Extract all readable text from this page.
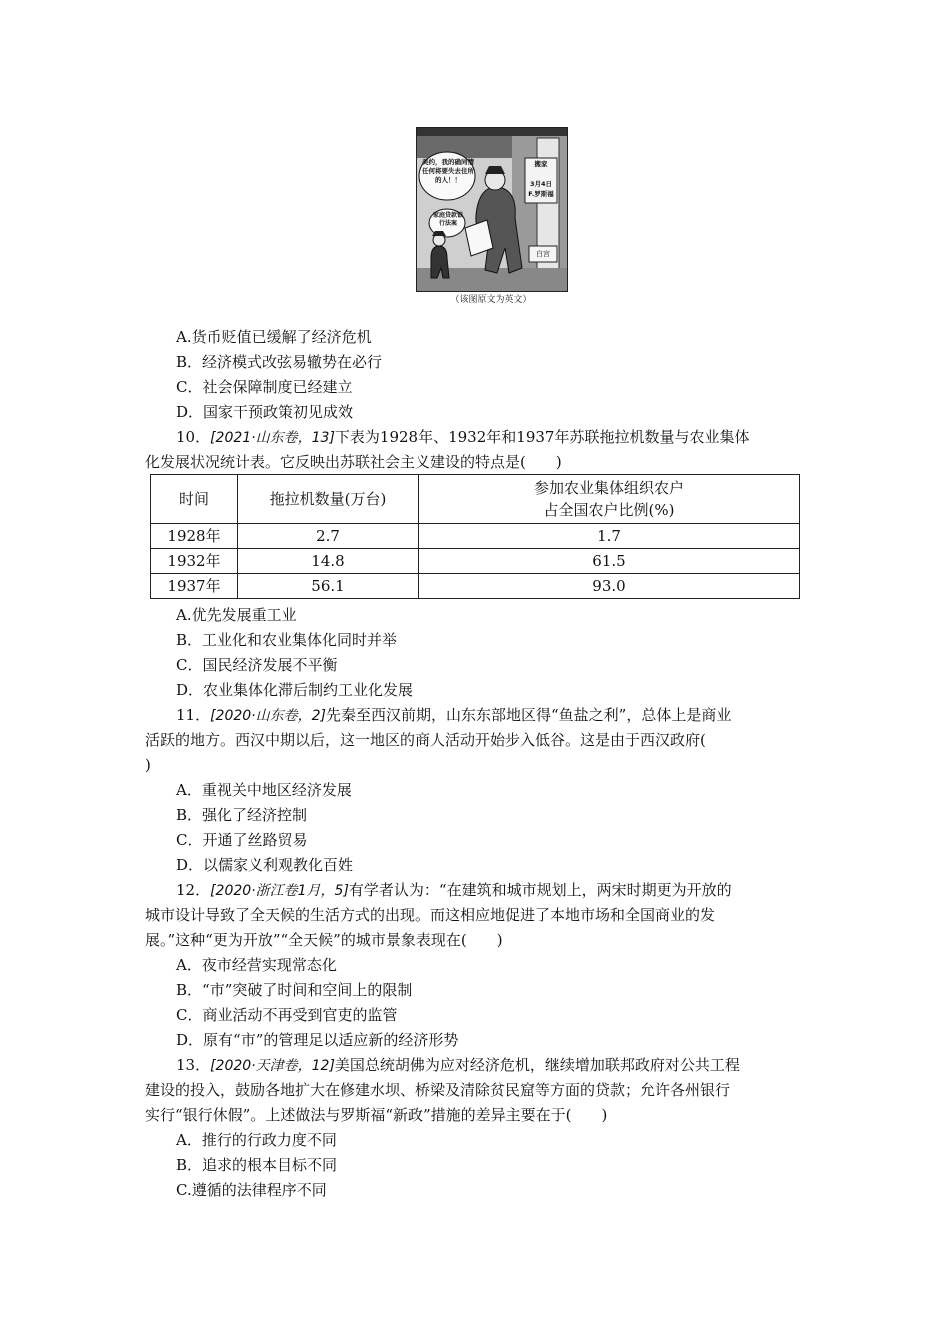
美约，我的确同情任何将要失去住所的人！！
家庭贷款银行法案
搬家
3月4日
F.罗斯福
白宫
（该图原文为英文）
A.货币贬值已缓解了经济危机
B．经济模式改弦易辙势在必行
C．社会保障制度已经建立
D．国家干预政策初见成效
10．[2021·山东卷，13]下表为1928年、1932年和1937年苏联拖拉机数量与农业集体
化发展状况统计表。它反映出苏联社会主义建设的特点是(　　)
时间	拖拉机数量(万台)	参加农业集体组织农户
占全国农户比例(%)
1928年	2.7	1.7
1932年	14.8	61.5
1937年	56.1	93.0
A.优先发展重工业
B．工业化和农业集体化同时并举
C．国民经济发展不平衡
D．农业集体化滞后制约工业化发展
11．[2020·山东卷，2]先秦至西汉前期，山东东部地区得“鱼盐之利”，总体上是商业
活跃的地方。西汉中期以后，这一地区的商人活动开始步入低谷。这是由于西汉政府(
)
A．重视关中地区经济发展
B．强化了经济控制
C．开通了丝路贸易
D．以儒家义利观教化百姓
12．[2020·浙江卷1月，5]有学者认为：“在建筑和城市规划上，两宋时期更为开放的
城市设计导致了全天候的生活方式的出现。而这相应地促进了本地市场和全国商业的发
展。”这种“更为开放”“全天候”的城市景象表现在(　　)
A．夜市经营实现常态化
B．“市”突破了时间和空间上的限制
C．商业活动不再受到官吏的监管
D．原有“市”的管理足以适应新的经济形势
13．[2020·天津卷，12]美国总统胡佛为应对经济危机，继续增加联邦政府对公共工程
建设的投入，鼓励各地扩大在修建水坝、桥梁及清除贫民窟等方面的贷款；允许各州银行
实行“银行休假”。上述做法与罗斯福“新政”措施的差异主要在于(　　)
A．推行的行政力度不同
B．追求的根本目标不同
C.遵循的法律程序不同
